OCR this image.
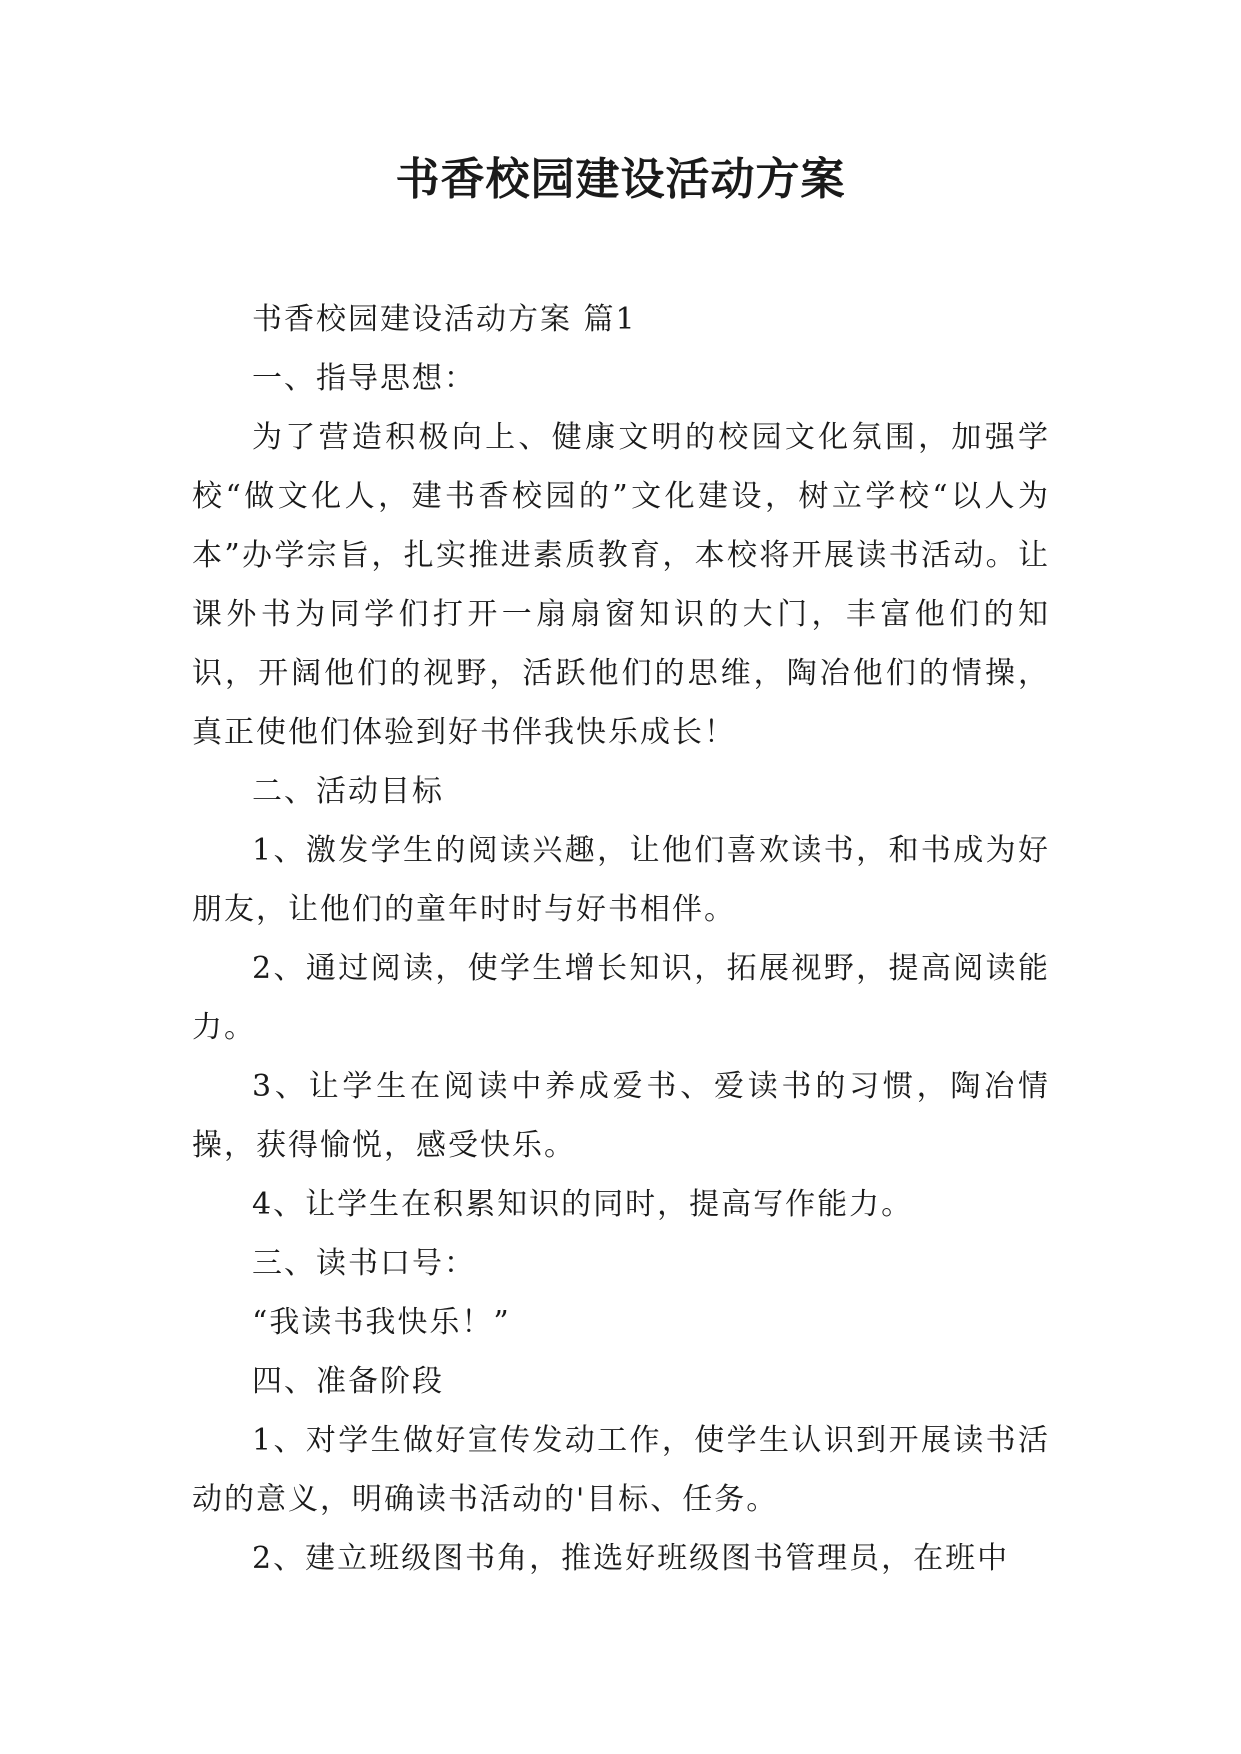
书香校园建设活动方案

书香校园建设活动方案 篇1

一、指导思想：

为了营造积极向上、健康文明的校园文化氛围，加强学校“做文化人，建书香校园的”文化建设，树立学校“以人为本”办学宗旨，扎实推进素质教育，本校将开展读书活动。让课外书为同学们打开一扇扇窗知识的大门，丰富他们的知识，开阔他们的视野，活跃他们的思维，陶冶他们的情操，真正使他们体验到好书伴我快乐成长！

二、活动目标

1、激发学生的阅读兴趣，让他们喜欢读书，和书成为好朋友，让他们的童年时时与好书相伴。

2、通过阅读，使学生增长知识，拓展视野，提高阅读能力。

3、让学生在阅读中养成爱书、爱读书的习惯，陶冶情操，获得愉悦，感受快乐。

4、让学生在积累知识的同时，提高写作能力。

三、读书口号：

“我读书我快乐！”

四、准备阶段

1、对学生做好宣传发动工作，使学生认识到开展读书活动的意义，明确读书活动的'目标、任务。

2、建立班级图书角，推选好班级图书管理员，在班中
